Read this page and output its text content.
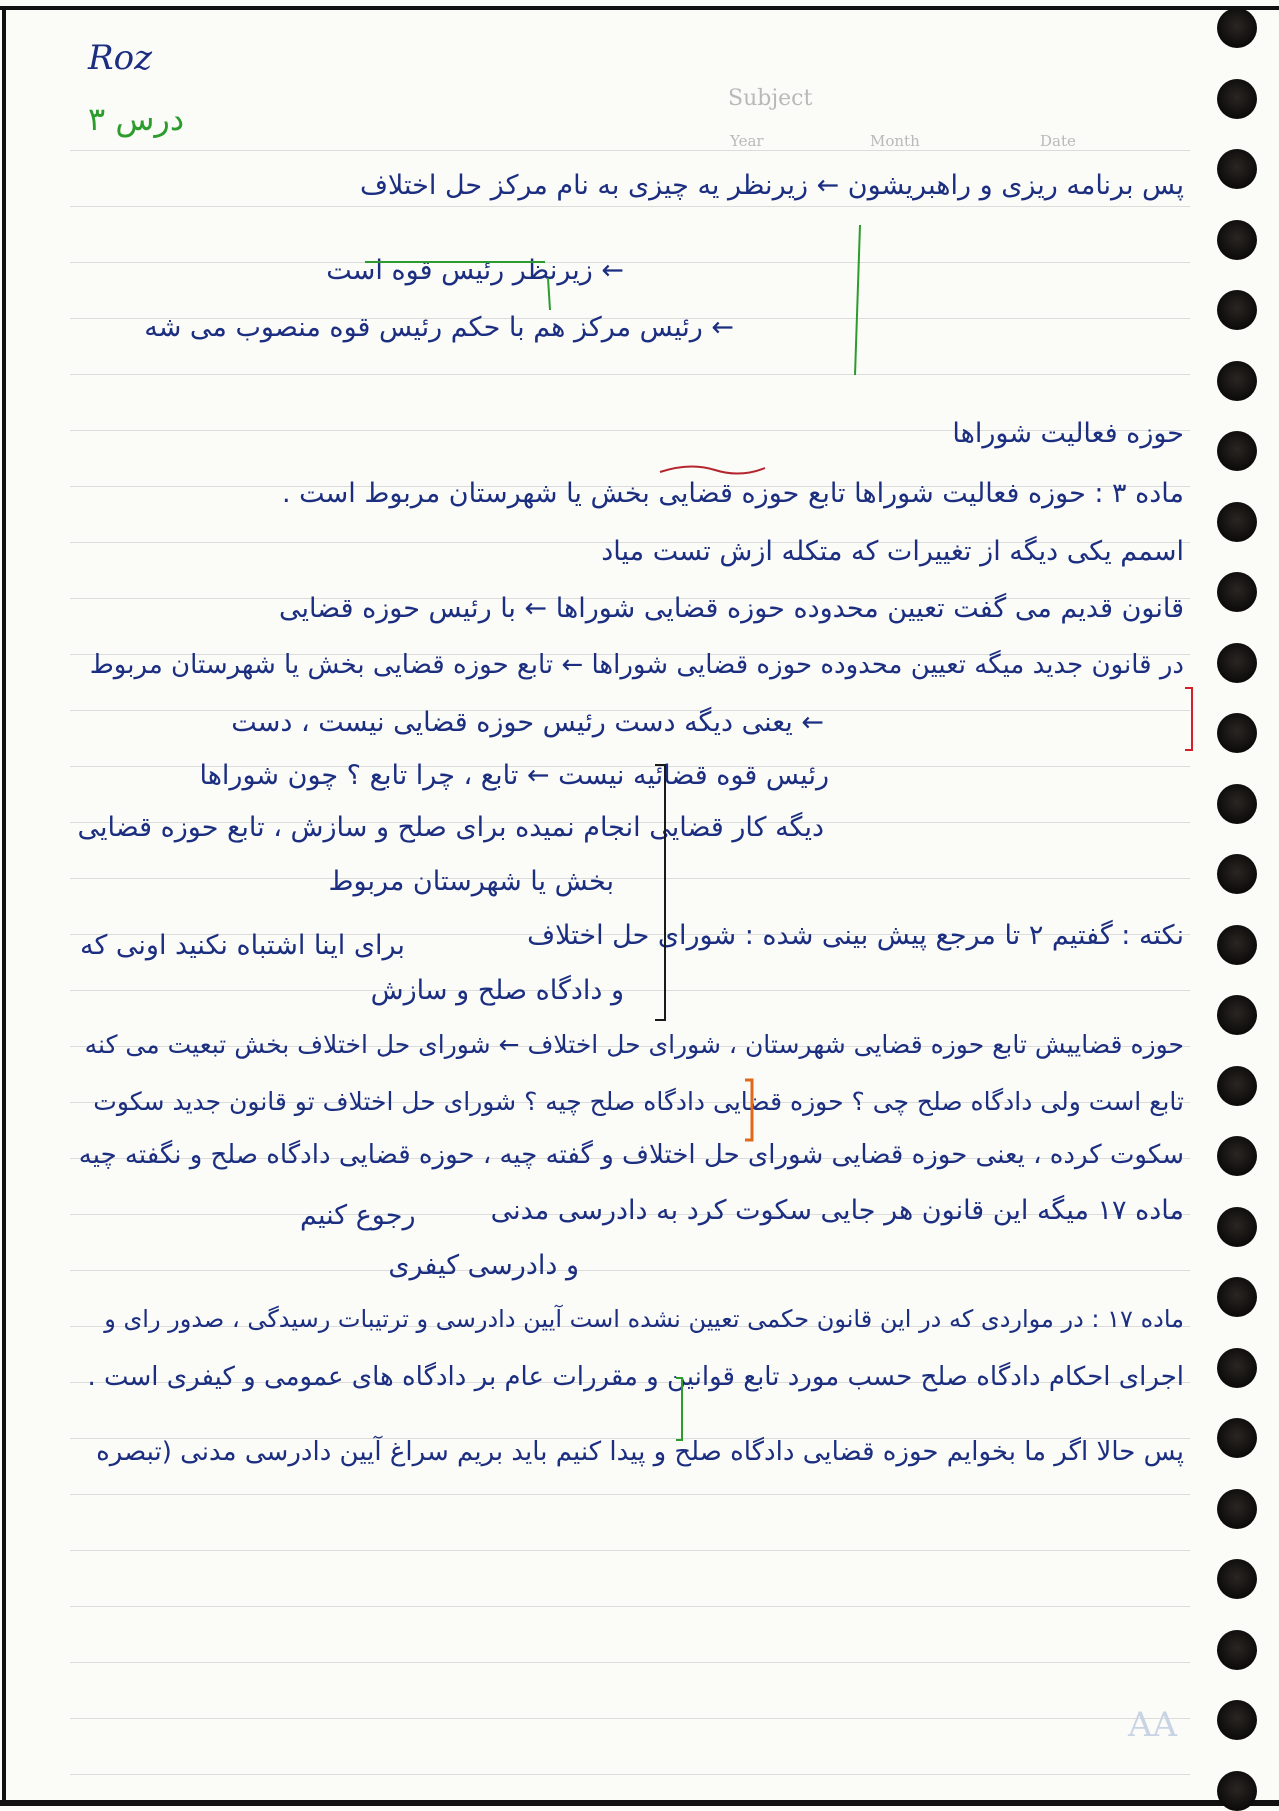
Subject
Year	Month	Date
Roz
درس ۳
پس برنامه ریزی و راهبریشون ← زیرنظر یه چیزی به نام مرکز حل اختلاف
← زیرنظر رئیس قوه است
← رئیس مرکز هم با حکم رئیس قوه منصوب می شه
حوزه فعالیت شوراها
ماده ۳ : حوزه فعالیت شوراها تابع حوزه قضایی بخش یا شهرستان مربوط است .
اسمم یکی دیگه از تغییرات که متکله ازش تست میاد
قانون قدیم می گفت تعیین محدوده حوزه قضایی شوراها ← با رئیس حوزه قضایی
در قانون جدید میگه تعیین محدوده حوزه قضایی شوراها ← تابع حوزه قضایی بخش یا شهرستان مربوط
← یعنی دیگه دست رئیس حوزه قضایی نیست ، دست
رئیس قوه قضائیه نیست ← تابع ، چرا تابع ؟ چون شوراها
دیگه کار قضایی انجام نمیده برای صلح و سازش ، تابع حوزه قضایی
بخش یا شهرستان مربوط
نکته : گفتیم ۲ تا مرجع پیش بینی شده : شورای حل اختلاف
برای اینا اشتباه نکنید اونی که
و دادگاه صلح و سازش
حوزه قضاییش تابع حوزه قضایی شهرستان ، شورای حل اختلاف ← شورای حل اختلاف بخش تبعیت می کنه
تابع است ولی دادگاه صلح چی ؟ حوزه قضایی دادگاه صلح چیه ؟ شورای حل اختلاف تو قانون جدید سکوت
سکوت کرده ، یعنی حوزه قضایی شورای حل اختلاف و گفته چیه ، حوزه قضایی دادگاه صلح و نگفته چیه
ماده ۱۷ میگه این قانون هر جایی سکوت کرد به دادرسی مدنی
رجوع کنیم
و دادرسی کیفری
ماده ۱۷ : در مواردی که در این قانون حکمی تعیین نشده است آیین دادرسی و ترتیبات رسیدگی ، صدور رای و
اجرای احکام دادگاه صلح حسب مورد تابع قوانین و مقررات عام بر دادگاه های عمومی و کیفری است .
پس حالا اگر ما بخوایم حوزه قضایی دادگاه صلح و پیدا کنیم باید بریم سراغ آیین دادرسی مدنی (تبصره
AA
